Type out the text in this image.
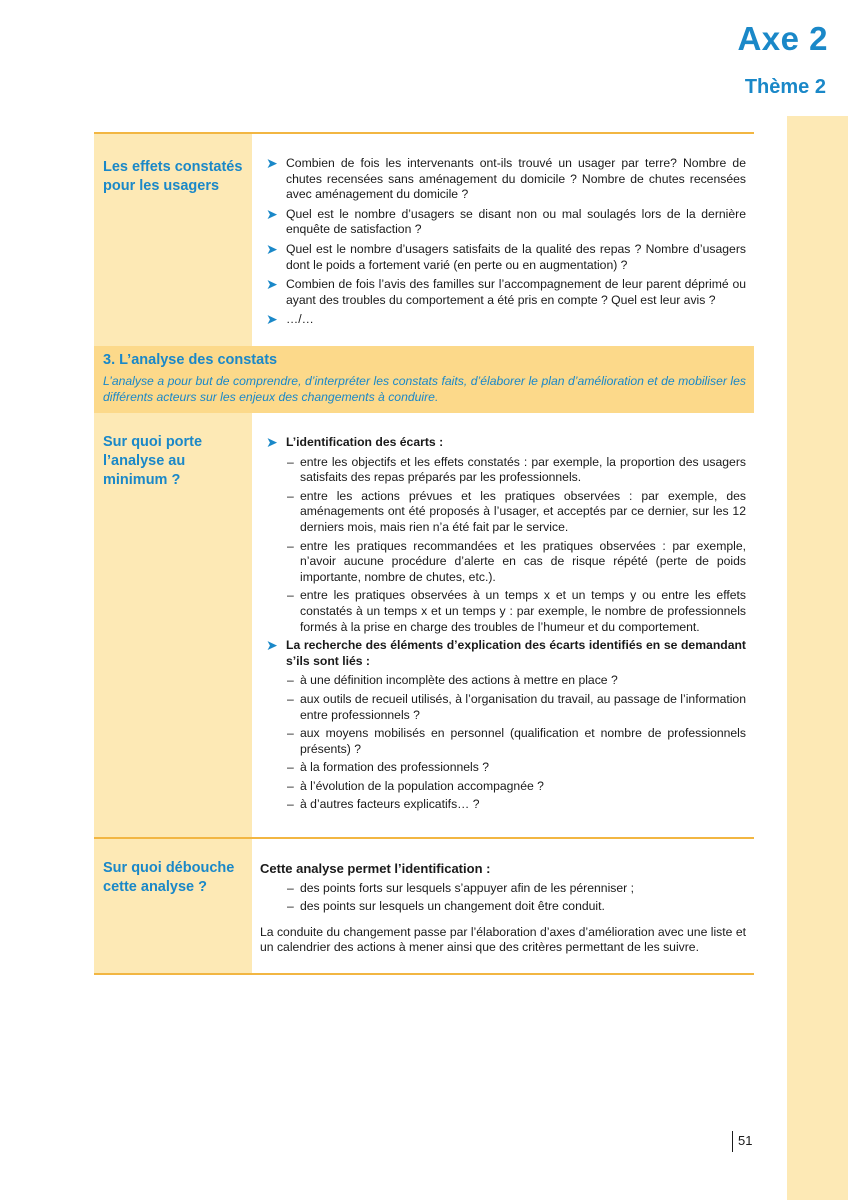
Axe 2
Thème 2
Les effets constatés pour les usagers
➤ Combien de fois les intervenants ont-ils trouvé un usager par terre? Nombre de chutes recensées sans aménagement du domicile ? Nombre de chutes recensées avec aménagement du domicile ?
➤ Quel est le nombre d’usagers se disant non ou mal soulagés lors de la dernière enquête de satisfaction ?
➤ Quel est le nombre d’usagers satisfaits de la qualité des repas ? Nombre d’usagers dont le poids a fortement varié (en perte ou en augmentation) ?
➤ Combien de fois l’avis des familles sur l’accompagnement de leur parent déprimé ou ayant des troubles du comportement a été pris en compte ? Quel est leur avis ?
➤ …/…
3. L’analyse des constats
L’analyse a pour but de comprendre, d’interpréter les constats faits, d’élaborer le plan d’amélioration et de mobiliser les différents acteurs sur les enjeux des changements à conduire.
Sur quoi porte l’analyse au minimum ?
➤ L’identification des écarts :
– entre les objectifs et les effets constatés : par exemple, la proportion des usagers satisfaits des repas préparés par les professionnels.
– entre les actions prévues et les pratiques observées : par exemple, des aménagements ont été proposés à l’usager, et acceptés par ce dernier, sur les 12 derniers mois, mais rien n’a été fait par le service.
– entre les pratiques recommandées et les pratiques observées : par exemple, n’avoir aucune procédure d’alerte en cas de risque répété (perte de poids importante, nombre de chutes, etc.).
– entre les pratiques observées à un temps x et un temps y ou entre les effets constatés à un temps x et un temps y : par exemple, le nombre de professionnels formés à la prise en charge des troubles de l’humeur et du comportement.
➤ La recherche des éléments d’explication des écarts identifiés en se demandant s’ils sont liés :
– à une définition incomplète des actions à mettre en place ?
– aux outils de recueil utilisés, à l’organisation du travail, au passage de l’information entre professionnels ?
– aux moyens mobilisés en personnel (qualification et nombre de professionnels présents) ?
– à la formation des professionnels ?
– à l’évolution de la population accompagnée ?
– à d’autres facteurs explicatifs… ?
Sur quoi débouche cette analyse ?
Cette analyse permet l’identification :
– des points forts sur lesquels s’appuyer afin de les pérenniser ;
– des points sur lesquels un changement doit être conduit.
La conduite du changement passe par l’élaboration d’axes d’amélioration avec une liste et un calendrier des actions à mener ainsi que des critères permettant de les suivre.
51
